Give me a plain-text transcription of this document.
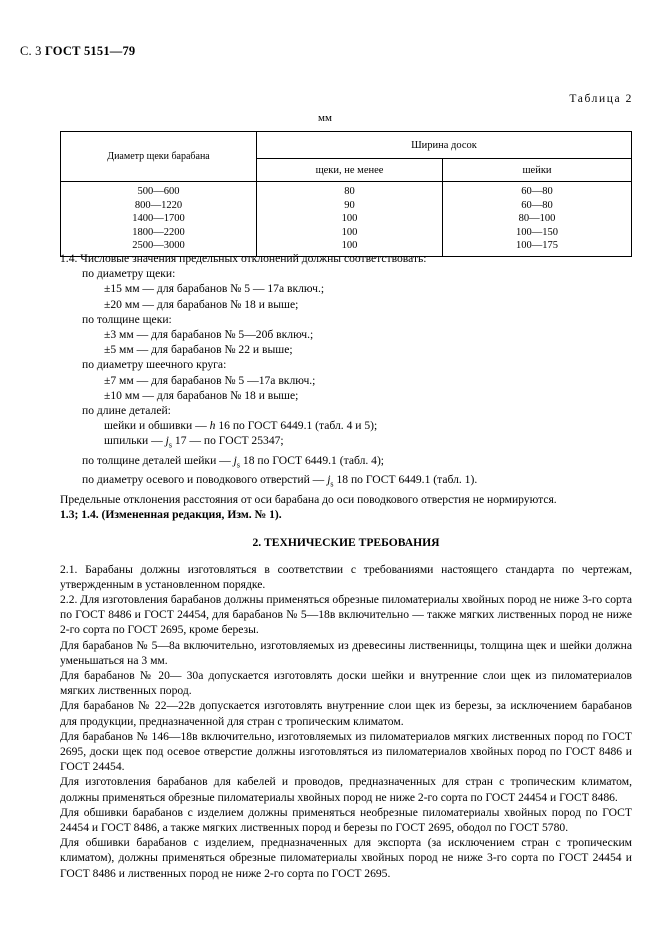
С. 3 ГОСТ 5151—79
Таблица 2
мм
Диаметр щеки барабана	Ширина досок	
	щеки, не менее	шейки
500—600	80	60—80
800—1220	90	60—80
1400—1700	100	80—100
1800—2200	100	100—150
2500—3000	100	100—175

1.4. Числовые значения предельных отклонений должны соответствовать:

по диаметру щеки:

±15 мм — для барабанов № 5 — 17а включ.;

±20 мм — для барабанов № 18 и выше;

по толщине щеки:

±3 мм — для барабанов № 5—20б включ.;

±5 мм — для барабанов № 22 и выше;

по диаметру шеечного круга:

±7 мм — для барабанов № 5 —17а включ.;

±10 мм — для барабанов № 18 и выше;

по длине деталей:

шейки и обшивки — h 16 по ГОСТ 6449.1 (табл. 4 и 5);

шпильки — $j_s$ 17 — по ГОСТ 25347;

по толщине деталей шейки — $j_s$ 18 по ГОСТ 6449.1 (табл. 4);

по диаметру осевого и поводкового отверстий — $j_s$ 18 по ГОСТ 6449.1 (табл. 1).

Предельные отклонения расстояния от оси барабана до оси поводкового отверстия не нормируются.

1.3; 1.4. (Измененная редакция, Изм. № 1).

2. ТЕХНИЧЕСКИЕ ТРЕБОВАНИЯ

2.1. Барабаны должны изготовляться в соответствии с требованиями настоящего стандарта по чертежам, утвержденным в установленном порядке.

2.2. Для изготовления барабанов должны применяться обрезные пиломатериалы хвойных пород не ниже 3-го сорта по ГОСТ 8486 и ГОСТ 24454, для барабанов № 5—18в включительно — также мягких лиственных пород не ниже 2-го сорта по ГОСТ 2695, кроме березы.

Для барабанов № 5—8а включительно, изготовляемых из древесины лиственницы, толщина щек и шейки должна уменьшаться на 3 мм.

Для барабанов № 20— 30а допускается изготовлять доски шейки и внутренние слои щек из пиломатериалов мягких лиственных пород.

Для барабанов № 22—22в допускается изготовлять внутренние слои щек из березы, за исключением барабанов для продукции, предназначенной для стран с тропическим климатом.

Для барабанов № 146—18в включительно, изготовляемых из пиломатериалов мягких лиственных пород по ГОСТ 2695, доски щек под осевое отверстие должны изготовляться из пиломатериалов хвойных пород по ГОСТ 8486 и ГОСТ 24454.

Для изготовления барабанов для кабелей и проводов, предназначенных для стран с тропическим климатом, должны применяться обрезные пиломатериалы хвойных пород не ниже 2-го сорта по ГОСТ 24454 и ГОСТ 8486.

Для обшивки барабанов с изделием должны применяться необрезные пиломатериалы хвойных пород по ГОСТ 24454 и ГОСТ 8486, а также мягких лиственных пород и березы по ГОСТ 2695, ободол по ГОСТ 5780.

Для обшивки барабанов с изделием, предназначенных для экспорта (за исключением стран с тропическим климатом), должны применяться обрезные пиломатериалы хвойных пород не ниже 3-го сорта по ГОСТ 24454 и ГОСТ 8486 и лиственных пород не ниже 2-го сорта по ГОСТ 2695.
